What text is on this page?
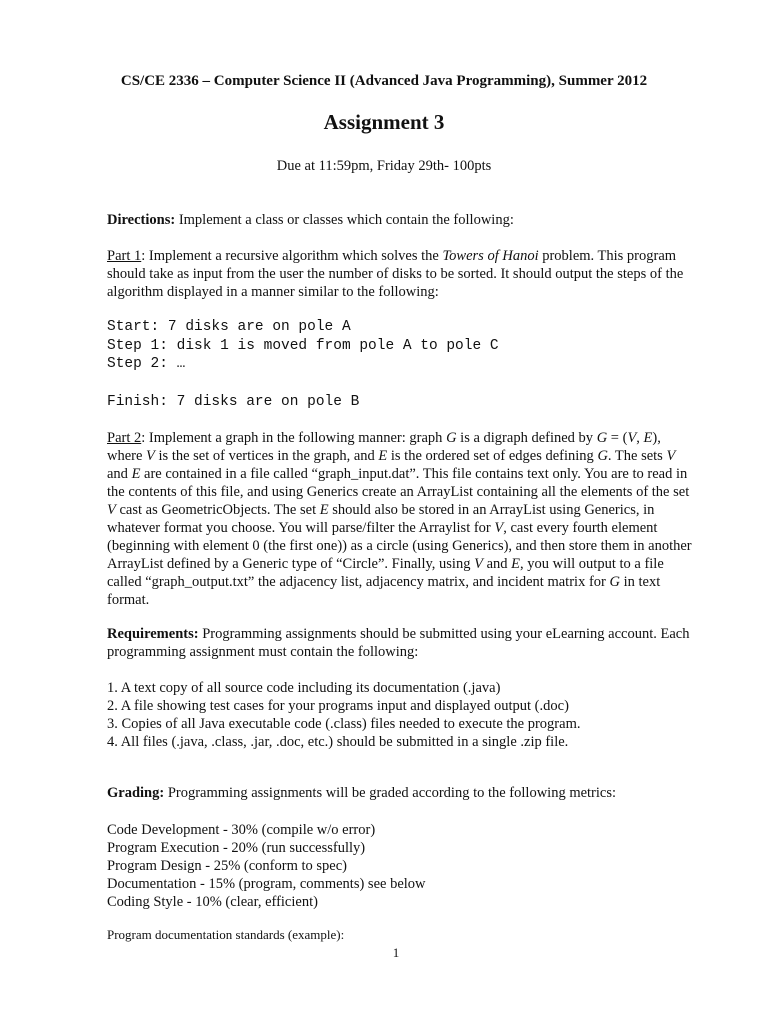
CS/CE 2336 – Computer Science II (Advanced Java Programming), Summer 2012
Assignment 3
Due at 11:59pm, Friday 29th- 100pts
Directions: Implement a class or classes which contain the following:
Part 1: Implement a recursive algorithm which solves the Towers of Hanoi problem. This program
should take as input from the user the number of disks to be sorted. It should output the steps of the
algorithm displayed in a manner similar to the following:
Start: 7 disks are on pole A
Step 1: disk 1 is moved from pole A to pole C
Step 2: …
Finish: 7 disks are on pole B
Part 2: Implement a graph in the following manner: graph G is a digraph defined by G = (V, E),
where V is the set of vertices in the graph, and E is the ordered set of edges defining G. The sets V
and E are contained in a file called “graph_input.dat”. This file contains text only. You are to read in
the contents of this file, and using Generics create an ArrayList containing all the elements of the set
V cast as GeometricObjects. The set E should also be stored in an ArrayList using Generics, in
whatever format you choose. You will parse/filter the Arraylist for V, cast every fourth element
(beginning with element 0 (the first one)) as a circle (using Generics), and then store them in another
ArrayList defined by a Generic type of “Circle”. Finally, using V and E, you will output to a file
called “graph_output.txt” the adjacency list, adjacency matrix, and incident matrix for G in text
format.
Requirements: Programming assignments should be submitted using your eLearning account. Each
programming assignment must contain the following:
1. A text copy of all source code including its documentation (.java)
2. A file showing test cases for your programs input and displayed output (.doc)
3. Copies of all Java executable code (.class) files needed to execute the program.
4. All files (.java, .class, .jar, .doc, etc.) should be submitted in a single .zip file.
Grading: Programming assignments will be graded according to the following metrics:
Code Development - 30% (compile w/o error)
Program Execution - 20% (run successfully)
Program Design - 25% (conform to spec)
Documentation - 15% (program, comments) see below
Coding Style - 10% (clear, efficient)
Program documentation standards (example):
1
